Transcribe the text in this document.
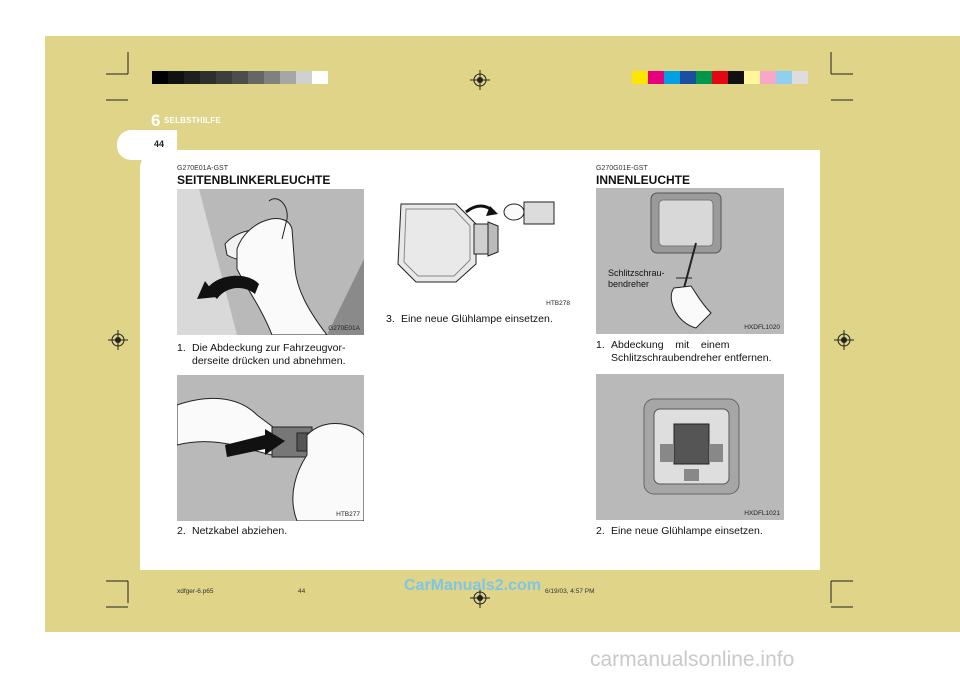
6 SELBSTHILFE
44
G270E01A-GST
SEITENBLINKERLEUCHTE
G270E01A
1. Die Abdeckung zur Fahrzeugvor-
derseite drücken und abnehmen.
HTB277
2. Netzkabel abziehen.
HTB278
3. Eine neue Glühlampe einsetzen.
G270G01E-GST
INNENLEUCHTE
Schlitzschrau-
bendreher
HXDFL1020
1. Abdeckung    mit    einem
Schlitzschraubendreher entfernen.
HXDFL1021
2. Eine neue Glühlampe einsetzen.
xdfger-6.p65	44	6/19/03, 4:57 PM
CarManuals2.com
carmanualsonline.info
